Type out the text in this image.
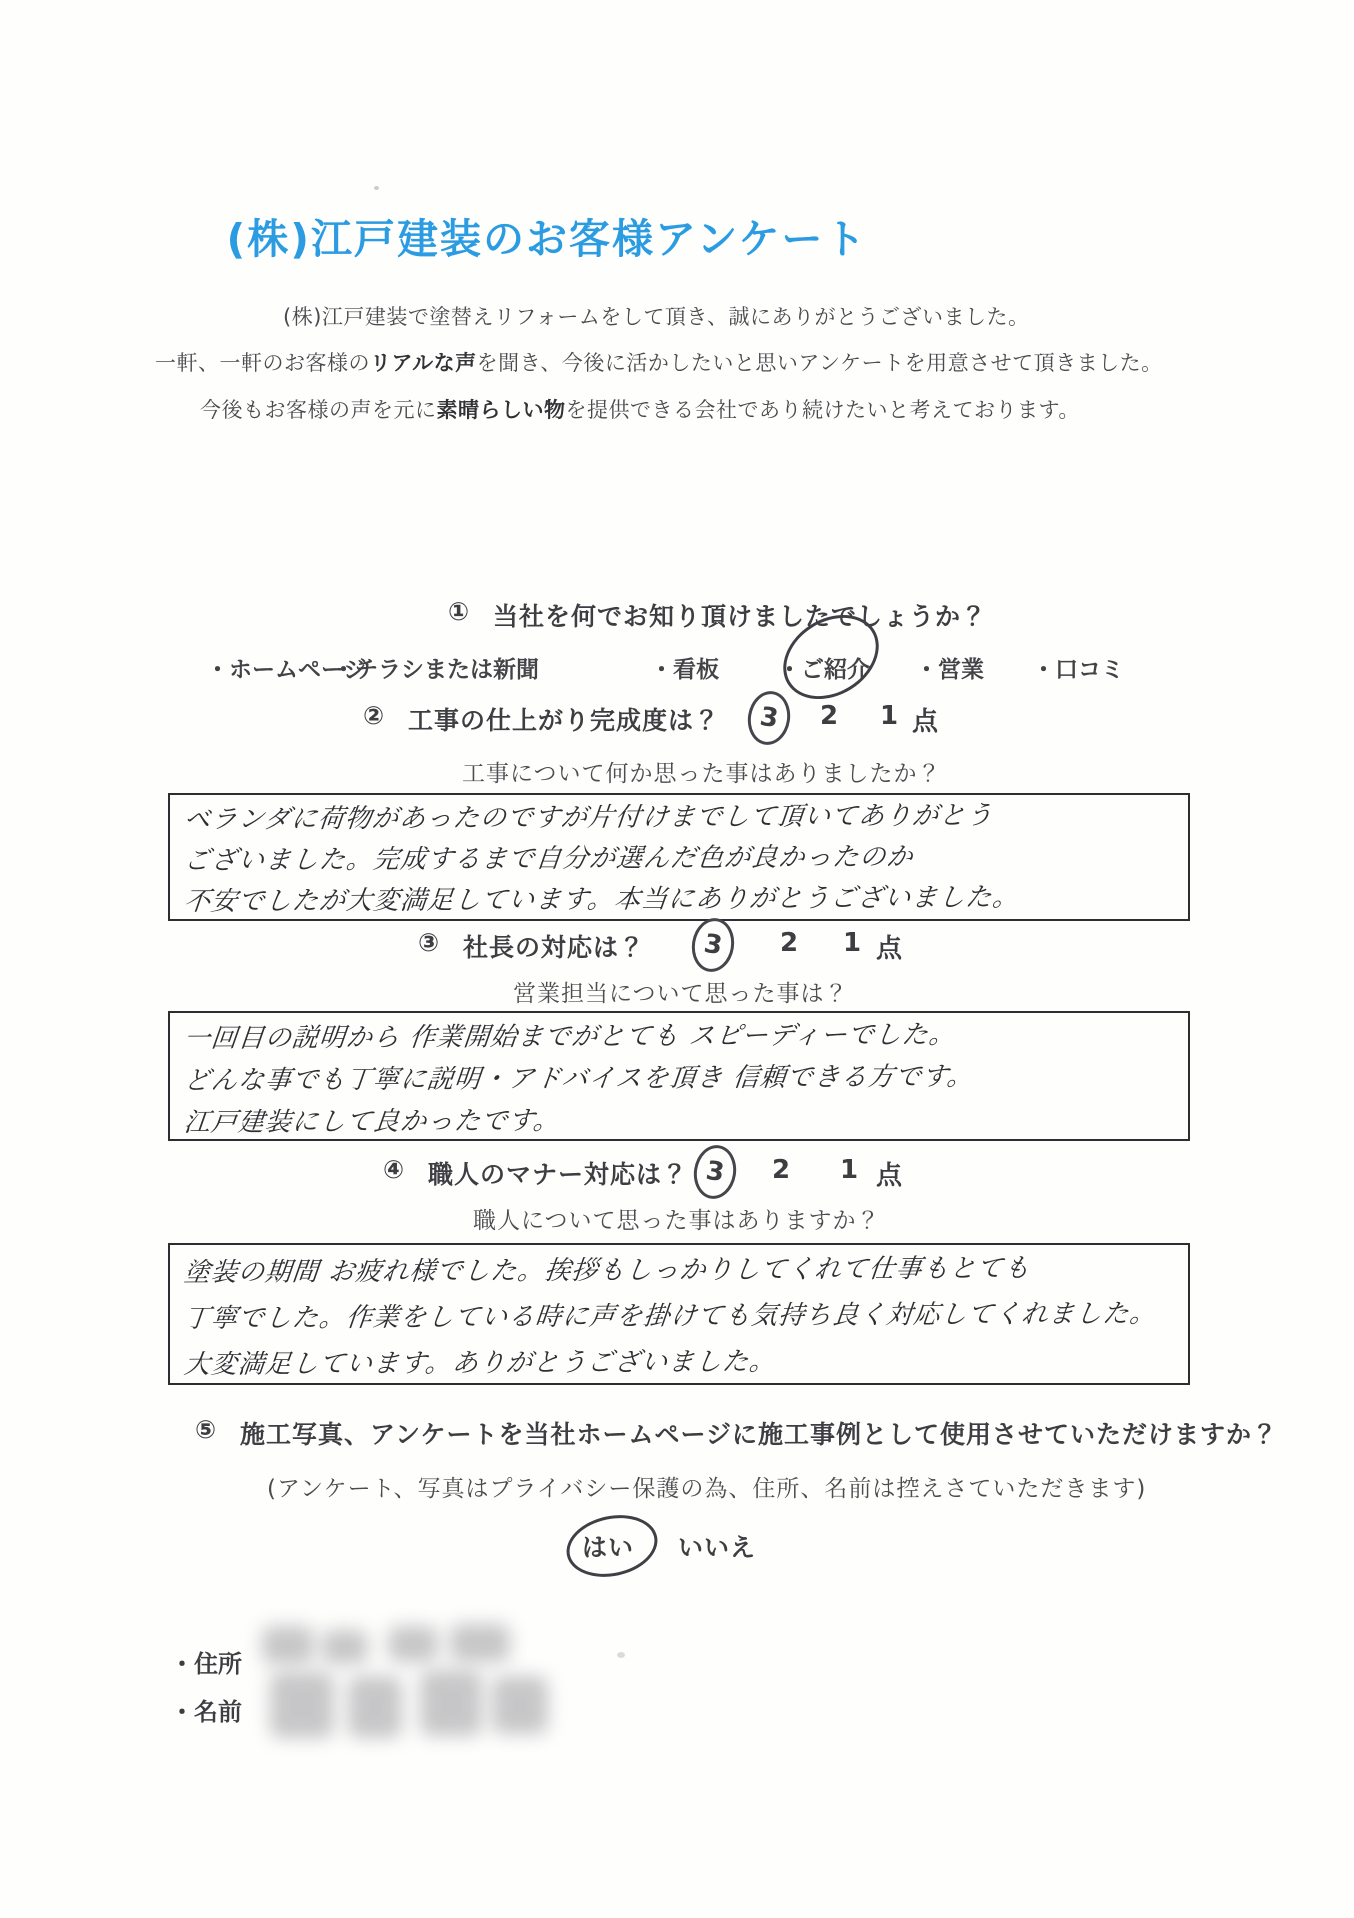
(株)江戸建装のお客様アンケート

(株)江戸建装で塗替えリフォームをして頂き、誠にありがとうございました。

一軒、一軒のお客様のリアルな声を聞き、今後に活かしたいと思いアンケートを用意させて頂きました。

今後もお客様の声を元に素晴らしい物を提供できる会社であり続けたいと考えております。

① 当社を何でお知り頂けましたでしょうか？
・ホームページ
・チラシまたは新聞	・看板	・ご紹介 ・営業 ・口コミ
② 工事の仕上がり完成度は？ 3 2 1 点

工事について何か思った事はありましたか？

ベランダに荷物があったのですが片付けまでして頂いてありがとう
ございました。完成するまで自分が選んだ色が良かったのか
不安でしたが大変満足しています。本当にありがとうございました。
③ 社長の対応は？ 3 2 1 点

営業担当について思った事は？

一回目の説明から 作業開始までがとても スピーディーでした。
どんな事でも丁寧に説明・アドバイスを頂き 信頼できる方です。
江戸建装にして良かったです。
④ 職人のマナー対応は？ 3 2 1 点

職人について思った事はありますか？

塗装の期間 お疲れ様でした。挨拶もしっかりしてくれて仕事もとても
丁寧でした。作業をしている時に声を掛けても気持ち良く対応してくれました。
大変満足しています。ありがとうございました。
⑤ 施工写真、アンケートを当社ホームページに施工事例として使用させていただけますか？

(アンケート、写真はプライバシー保護の為、住所、名前は控えさていただきます)

はい いいえ
・住所
・名前
